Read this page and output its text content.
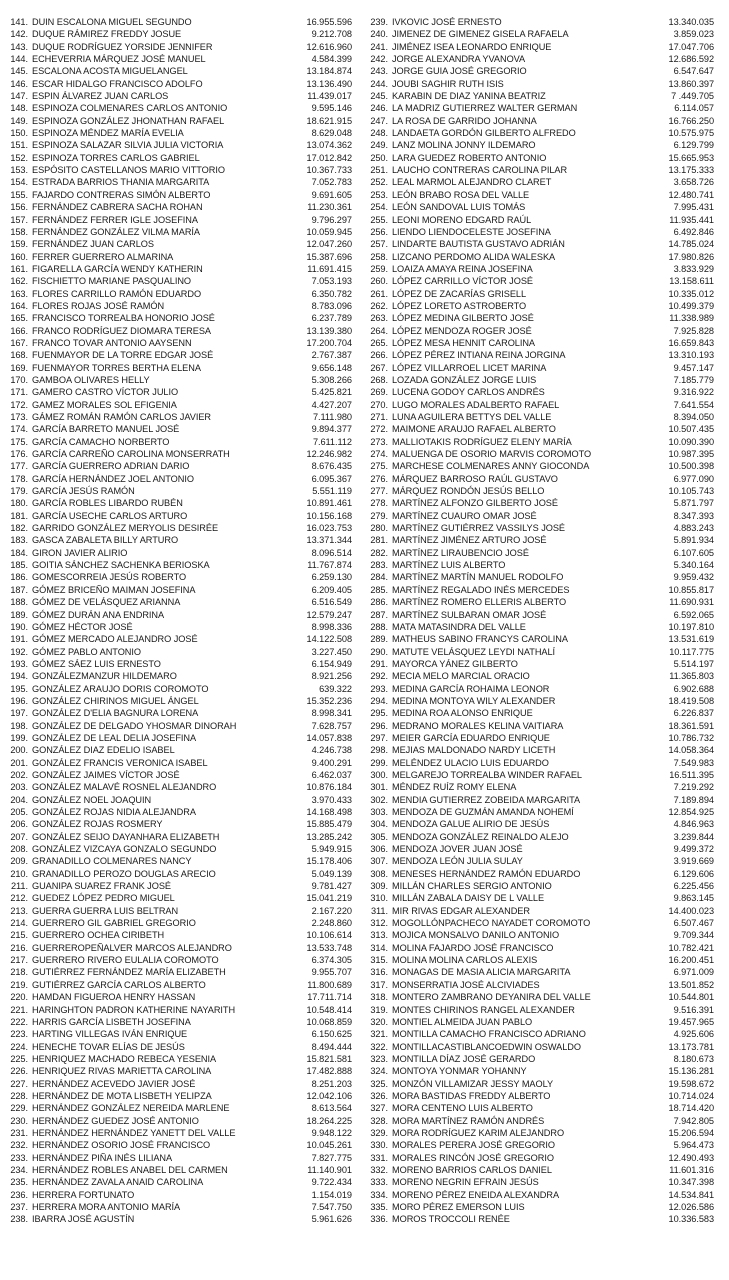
141. DUIN ESCALONA MIGUEL SEGUNDO	16.955.596
142. DUQUE RÁMIREZ FREDDY JOSUE	9.212.708
143. DUQUE RODRÍGUEZ YORSIDE JENNIFER	12.616.960
144. ECHEVERRIA MÁRQUEZ JOSÉ MANUEL	4.584.399
145. ESCALONA ACOSTA MIGUELANGEL	13.184.874
146. ESCAR HIDALGO FRANCISCO ADOLFO	13.136.490
147. ESPIN ÁLVAREZ JUAN CARLOS	11.439.017
148. ESPINOZA COLMENARES CARLOS ANTONIO	9.595.146
149. ESPINOZA GONZÁLEZ JHONATHAN RAFAEL	18.621.915
150. ESPINOZA MÉNDEZ MARÍA EVELIA	8.629.048
151. ESPINOZA SALAZAR SILVIA JULIA VICTORIA	13.074.362
152. ESPINOZA TORRES CARLOS GABRIEL	17.012.842
153. ESPÓSITO CASTELLANOS MARIO VITTORIO	10.367.733
154. ESTRADA BARRIOS THANIA MARGARITA	7.052.783
155. FAJARDO CONTRERAS SIMÓN ALBERTO	9.691.605
156. FERNÁNDEZ CABRERA SACHA ROHAN	11.230.361
157. FERNÁNDEZ FERRER IGLE JOSEFINA	9.796.297
158. FERNÁNDEZ GONZÁLEZ VILMA MARÍA	10.059.945
159. FERNÁNDEZ JUAN CARLOS	12.047.260
160. FERRER GUERRERO ALMARINA	15.387.696
161. FIGARELLA GARCÍA WENDY KATHERIN	11.691.415
162. FISCHIETTO MARIANE PASQUALINO	7.053.193
163. FLORES CARRILLO RAMÓN EDUARDO	6.350.782
164. FLORES ROJAS JOSÉ RAMÓN	8.783.096
165. FRANCISCO TORREALBA HONORIO JOSÉ	6.237.789
166. FRANCO RODRÍGUEZ DIOMARA TERESA	13.139.380
167. FRANCO TOVAR ANTONIO AAYSENN	17.200.704
168. FUENMAYOR DE LA TORRE EDGAR JOSÉ	2.767.387
169. FUENMAYOR TORRES BERTHA ELENA	9.656.148
170. GAMBOA OLIVARES HELLY	5.308.266
171. GAMERO CASTRO VÍCTOR JULIO	5.425.821
172. GAMEZ MORALES SOL EFIGENIA	4.427.207
173. GÁMEZ ROMÁN RAMÓN CARLOS JAVIER	7.111.980
174. GARCÍA BARRETO MANUEL JOSÉ	9.894.377
175. GARCÍA CAMACHO NORBERTO	7.611.112
176. GARCÍA CARREÑO CAROLINA MONSERRATH	12.246.982
177. GARCÍA GUERRERO ADRIAN DARIO	8.676.435
178. GARCÍA HERNÁNDEZ JOEL ANTONIO	6.095.367
179. GARCÍA JESÚS RAMÓN	5.551.119
180. GARCÍA ROBLES LIBARDO RUBÉN	10.891.461
181. GARCÍA USECHE CARLOS ARTURO	10.156.168
182. GARRIDO GONZÁLEZ MERYOLIS DESIRÉE	16.023.753
183. GASCA ZABALETA BILLY ARTURO	13.371.344
184. GIRON JAVIER ALIRIO	8.096.514
185. GOITIA SÁNCHEZ SACHENKA BERIOSKA	11.767.874
186. GOMESCORREIA JESÚS ROBERTO	6.259.130
187. GÓMEZ BRICEÑO MAIMAN JOSEFINA	6.209.405
188. GÓMEZ DE VELÁSQUEZ ARIANNA	6.516.549
189. GÓMEZ DURÁN ANA ENDRINA	12.579.247
190. GÓMEZ HÉCTOR JOSÉ	8.998.336
191. GÓMEZ MERCADO ALEJANDRO JOSÉ	14.122.508
192. GÓMEZ PABLO ANTONIO	3.227.450
193. GÓMEZ SÁEZ LUIS ERNESTO	6.154.949
194. GONZÁLEZMANZUR HILDEMARO	8.921.256
195. GONZÁLEZ ARAUJO DORIS COROMOTO	639.322
196. GONZÁLEZ CHIRINOS MIGUEL ÁNGEL	15.352.236
197. GONZÁLEZ D'ELIA BAGNURA LORENA	8.998.341
198. GONZÁLEZ DE DELGADO YHOSMAR DINORAH	7.628.757
199. GONZÁLEZ DE LEAL DELIA JOSEFINA	14.057.838
200. GONZÁLEZ DIAZ EDELIO ISABEL	4.246.738
201. GONZÁLEZ FRANCIS VERONICA ISABEL	9.400.291
202. GONZÁLEZ JAIMES VÍCTOR JOSÉ	6.462.037
203. GONZÁLEZ MALAVÉ ROSNEL ALEJANDRO	10.876.184
204. GONZÁLEZ NOEL JOAQUIN	3.970.433
205. GONZÁLEZ ROJAS NIDIA ALEJANDRA	14.168.498
206. GONZÁLEZ ROJAS ROSMERY	15.885.479
207. GONZÁLEZ SEIJO DAYANHARA ELIZABETH	13.285.242
208. GONZÁLEZ VIZCAYA GONZALO SEGUNDO	5.949.915
209. GRANADILLO COLMENARES NANCY	15.178.406
210. GRANADILLO PEROZO DOUGLAS ARECIO	5.049.139
211. GUANIPA SUAREZ FRANK JOSÉ	9.781.427
212. GUEDEZ LÓPEZ PEDRO MIGUEL	15.041.219
213. GUERRA GUERRA LUIS BELTRAN	2.167.220
214. GUERRERO GIL GABRIEL GREGORIO	2.248.860
215. GUERRERO OCHEA CIRIBETH	10.106.614
216. GUERREROPEÑALVER MARCOS ALEJANDRO	13.533.748
217. GUERRERO RIVERO EULALIA COROMOTO	6.374.305
218. GUTIÉRREZ FERNÁNDEZ MARÍA ELIZABETH	9.955.707
219. GUTIÉRREZ GARCÍA CARLOS ALBERTO	11.800.689
220. HAMDAN FIGUEROA HENRY HASSAN	17.711.714
221. HARINGHTON PADRON KATHERINE NAYARITH	10.548.414
222. HARRIS GARCÍA LISBETH JOSEFINA	10.068.859
223. HARTING VILLEGAS IVÁN ENRIQUE	6.150.625
224. HENECHE TOVAR ELÍAS DE JESÚS	8.494.444
225. HENRIQUEZ MACHADO REBECA YESENIA	15.821.581
226. HENRIQUEZ RIVAS MARIETTA CAROLINA	17.482.888
227. HERNÁNDEZ ACEVEDO JAVIER JOSÉ	8.251.203
228. HERNÁNDEZ DE MOTA LISBETH YELIPZA	12.042.106
229. HERNÁNDEZ GONZÁLEZ NEREIDA MARLENE	8.613.564
230. HERNÁNDEZ GUEDEZ JOSÉ ANTONIO	18.264.225
231. HERNÁNDEZ HERNÁNDEZ YANETT DEL VALLE	9.948.122
232. HERNÁNDEZ OSORIO JOSÉ FRANCISCO	10.045.261
233. HERNÁNDEZ PIÑA INÉS LILIANA	7.827.775
234. HERNÁNDEZ ROBLES ANABEL DEL CARMEN	11.140.901
235. HERNÁNDEZ ZAVALA ANAID CAROLINA	9.722.434
236. HERRERA FORTUNATO	1.154.019
237. HERRERA MORA ANTONIO MARÍA	7.547.750
238. IBARRA JOSÉ AGUSTÍN	5.961.626
239. IVKOVIC JOSÉ ERNESTO	13.340.035
240. JIMENEZ DE GIMENEZ GISELA RAFAELA	3.859.023
241. JIMÉNEZ ISEA LEONARDO ENRIQUE	17.047.706
242. JORGE ALEXANDRA YVANOVA	12.686.592
243. JORGE GUIA JOSÉ GREGORIO	6.547.647
244. JOUBI SAGHIR RUTH ISIS	13.860.397
245. KARABIN DE DIAZ YANINA BEATRIZ	7 .449.705
246. LA MADRIZ GUTIERREZ WALTER GERMAN	6.114.057
247. LA ROSA DE GARRIDO JOHANNA	16.766.250
248. LANDAETA GORDÓN GILBERTO ALFREDO	10.575.975
249. LANZ MOLINA JONNY ILDEMARO	6.129.799
250. LARA GUEDEZ ROBERTO ANTONIO	15.665.953
251. LAUCHO CONTRERAS CAROLINA PILAR	13.175.333
252. LEAL MARMOL ALEJANDRO CLARET	3.658.726
253. LEÓN BRABO ROSA DEL VALLE	12.480.741
254. LEÓN SANDOVAL LUIS TOMÁS	7.995.431
255. LEONI MORENO EDGARD RAÚL	11.935.441
256. LIENDO LIENDOCELESTE JOSEFINA	6.492.846
257. LINDARTE BAUTISTA GUSTAVO ADRIÁN	14.785.024
258. LIZCANO PERDOMO ALIDA WALESKA	17.980.826
259. LOAIZA AMAYA REINA JOSEFINA	3.833.929
260. LÓPEZ CARRILLO VÍCTOR JOSÉ	13.158.611
261. LÓPEZ DE ZACARÍAS GRISELL	10.335.012
262. LÓPEZ LORETO ASTROBERTO	10.499.379
263. LÓPEZ MEDINA GILBERTO JOSÉ	11.338.989
264. LÓPEZ MENDOZA ROGER JOSÉ	7.925.828
265. LÓPEZ MESA HENNIT CAROLINA	16.659.843
266. LÓPEZ PÉREZ INTIANA REINA JORGINA	13.310.193
267. LÓPEZ VILLARROEL LICET MARINA	9.457.147
268. LOZADA GONZÁLEZ JORGE LUIS	7.185.779
269. LUCENA GODOY CARLOS ANDRÉS	9.316.922
270. LUGO MORALES ADALBERTO RAFAEL	7.641.554
271. LUNA AGUILERA BETTYS DEL VALLE	8.394.050
272. MAIMONE ARAUJO RAFAEL ALBERTO	10.507.435
273. MALLIOTAKIS RODRÍGUEZ ELENY MARÍA	10.090.390
274. MALUENGA DE OSORIO MARVIS COROMOTO	10.987.395
275. MARCHESE COLMENARES ANNY GIOCONDA	10.500.398
276. MÁRQUEZ BARROSO RAÚL GUSTAVO	6.977.090
277. MÁRQUEZ RONDÓN JESÚS BELLO	10.105.743
278. MARTÍNEZ ALFONZO GILBERTO JOSÉ	5.871.797
279. MARTÍNEZ CUAURO OMAR JOSÉ	8.347.393
280. MARTÍNEZ GUTIÉRREZ VASSILYS JOSÉ	4.883.243
281. MARTÍNEZ JIMÉNEZ ARTURO JOSÉ	5.891.934
282. MARTÍNEZ LIRAUBENCIO JOSÉ	6.107.605
283. MARTÍNEZ LUIS ALBERTO	5.340.164
284. MARTÍNEZ MARTÍN MANUEL RODOLFO	9.959.432
285. MARTÍNEZ REGALADO INÉS MERCEDES	10.855.817
286. MARTÍNEZ ROMERO ELLERIS ALBERTO	11.690.931
287. MARTÍNEZ SULBARAN OMAR JOSÉ	6.592.065
288. MATA MATASINDRA DEL VALLE	10.197.810
289. MATHEUS SABINO FRANCYS CAROLINA	13.531.619
290. MATUTE VELÁSQUEZ LEYDI NATHALÍ	10.117.775
291. MAYORCA YÁNEZ GILBERTO	5.514.197
292. MECIA MELO MARCIAL ORACIO	11.365.803
293. MEDINA GARCÍA ROHAIMA LEONOR	6.902.688
294. MEDINA MONTOYA WILY ALEXANDER	18.419.508
295. MEDINA ROA ALONSO ENRIQUE	6.226.837
296. MEDRANO MORALES KELINA VAITIARA	18.361.591
297. MEIER GARCÍA EDUARDO ENRIQUE	10.786.732
298. MEJIAS MALDONADO NARDY LICETH	14.058.364
299. MELÉNDEZ ULACIO LUIS EDUARDO	7.549.983
300. MELGAREJO TORREALBA WINDER RAFAEL	16.511.395
301. MÉNDEZ RUÍZ ROMY ELENA	7.219.292
302. MENDIA GUTIERREZ ZOBEIDA MARGARITA	7.189.894
303. MENDOZA DE GUZMÁN AMANDA NOHEMÍ	12.854.925
304. MENDOZA GALUE ALIRIO DE JESÚS	4.846.963
305. MENDOZA GONZÁLEZ REINALDO ALEJO	3.239.844
306. MENDOZA JOVER JUAN JOSÉ	9.499.372
307. MENDOZA LEÓN JULIA SULAY	3.919.669
308. MENESES HERNÁNDEZ RAMÓN EDUARDO	6.129.606
309. MILLÁN CHARLES SERGIO ANTONIO	6.225.456
310. MILLÁN ZABALA DAISY DE L VALLE	9.863.145
311. MIR RIVAS EDGAR ALEXANDER	14.400.023
312. MOGOLLÓNPACHECO NAYADET COROMOTO	6.507.467
313. MOJICA MONSALVO DANILO ANTONIO	9.709.344
314. MOLINA FAJARDO JOSÉ FRANCISCO	10.782.421
315. MOLINA MOLINA CARLOS ALEXIS	16.200.451
316. MONAGAS DE MASIA ALICIA MARGARITA	6.971.009
317. MONSERRATIA JOSÉ ALCIVIADES	13.501.852
318. MONTERO ZAMBRANO DEYANIRA DEL VALLE	10.544.801
319. MONTES CHIRINOS RANGEL ALEXANDER	9.516.391
320. MONTIEL ALMEIDA JUAN PABLO	19.457.965
321. MONTILLA CAMACHO FRANCISCO ADRIANO	4.925.606
322. MONTILLACASTIBLANCOEDWIN OSWALDO	13.173.781
323. MONTILLA DÍAZ JOSÉ GERARDO	8.180.673
324. MONTOYA YONMAR YOHANNY	15.136.281
325. MONZÓN VILLAMIZAR JESSY MAOLY	19.598.672
326. MORA BASTIDAS FREDDY ALBERTO	10.714.024
327. MORA CENTENO LUIS ALBERTO	18.714.420
328. MORA MARTÍNEZ RAMÓN ANDRÉS	7.942.805
329. MORA RODRÍGUEZ KARIM ALEJANDRO	15.206.594
330. MORALES PERERA JOSÉ GREGORIO	5.964.473
331. MORALES RINCÓN JOSÉ GREGORIO	12.490.493
332. MORENO BARRIOS CARLOS DANIEL	11.601.316
333. MORENO NEGRIN EFRAIN JESÚS	10.347.398
334. MORENO PÉREZ ENEIDA ALEXANDRA	14.534.841
335. MORO PÉREZ EMERSON LUIS	12.026.586
336. MOROS TROCCOLI RENÉE	10.336.583
